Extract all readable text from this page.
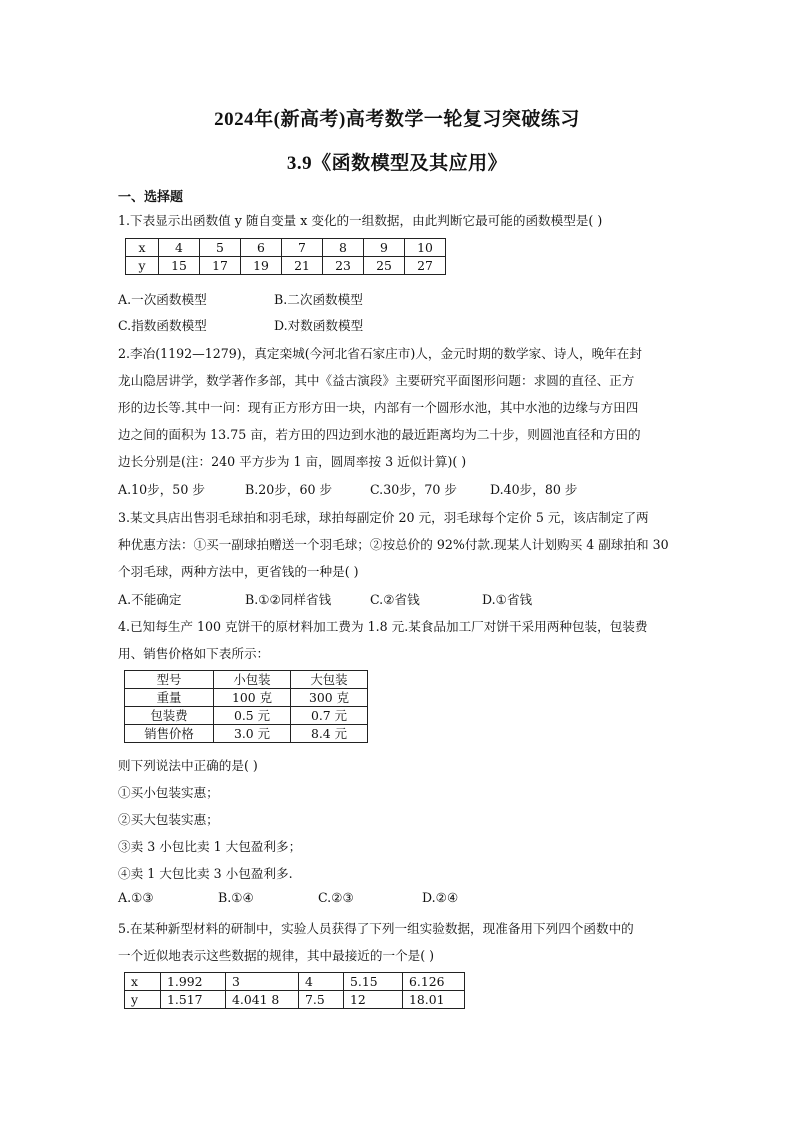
2024年(新高考)高考数学一轮复习突破练习
3.9《函数模型及其应用》
一、选择题
1.下表显示出函数值 y 随自变量 x 变化的一组数据，由此判断它最可能的函数模型是( )
x	4	5	6	7	8	9	10
y	15	17	19	21	23	25	27
A.一次函数模型	B.二次函数模型
C.指数函数模型	D.对数函数模型
2.李冶(1192—1279)，真定栾城(今河北省石家庄市)人，金元时期的数学家、诗人，晚年在封
龙山隐居讲学，数学著作多部，其中《益古演段》主要研究平面图形问题：求圆的直径、正方
形的边长等.其中一问：现有正方形方田一块，内部有一个圆形水池，其中水池的边缘与方田四
边之间的面积为 13.75 亩，若方田的四边到水池的最近距离均为二十步，则圆池直径和方田的
边长分别是(注：240 平方步为 1 亩，圆周率按 3 近似计算)( )
A.10步，50 步	B.20步，60 步	C.30步，70 步	D.40步，80 步
3.某文具店出售羽毛球拍和羽毛球，球拍每副定价 20 元，羽毛球每个定价 5 元，该店制定了两
种优惠方法：①买一副球拍赠送一个羽毛球；②按总价的 92%付款.现某人计划购买 4 副球拍和 30
个羽毛球，两种方法中，更省钱的一种是( )
A.不能确定	B.①②同样省钱	C.②省钱	D.①省钱
4.已知每生产 100 克饼干的原材料加工费为 1.8 元.某食品加工厂对饼干采用两种包装，包装费
用、销售价格如下表所示：
型号	小包装	大包装
重量	100 克	300 克
包装费	0.5 元	0.7 元
销售价格	3.0 元	8.4 元
则下列说法中正确的是( )
①买小包装实惠；
②买大包装实惠；
③卖 3 小包比卖 1 大包盈利多；
④卖 1 大包比卖 3 小包盈利多.
A.①③	B.①④	C.②③	D.②④
5.在某种新型材料的研制中，实验人员获得了下列一组实验数据，现准备用下列四个函数中的
一个近似地表示这些数据的规律，其中最接近的一个是( )
x	1.992	3	4	5.15	6.126
y	1.517	4.041 8	7.5	12	18.01
